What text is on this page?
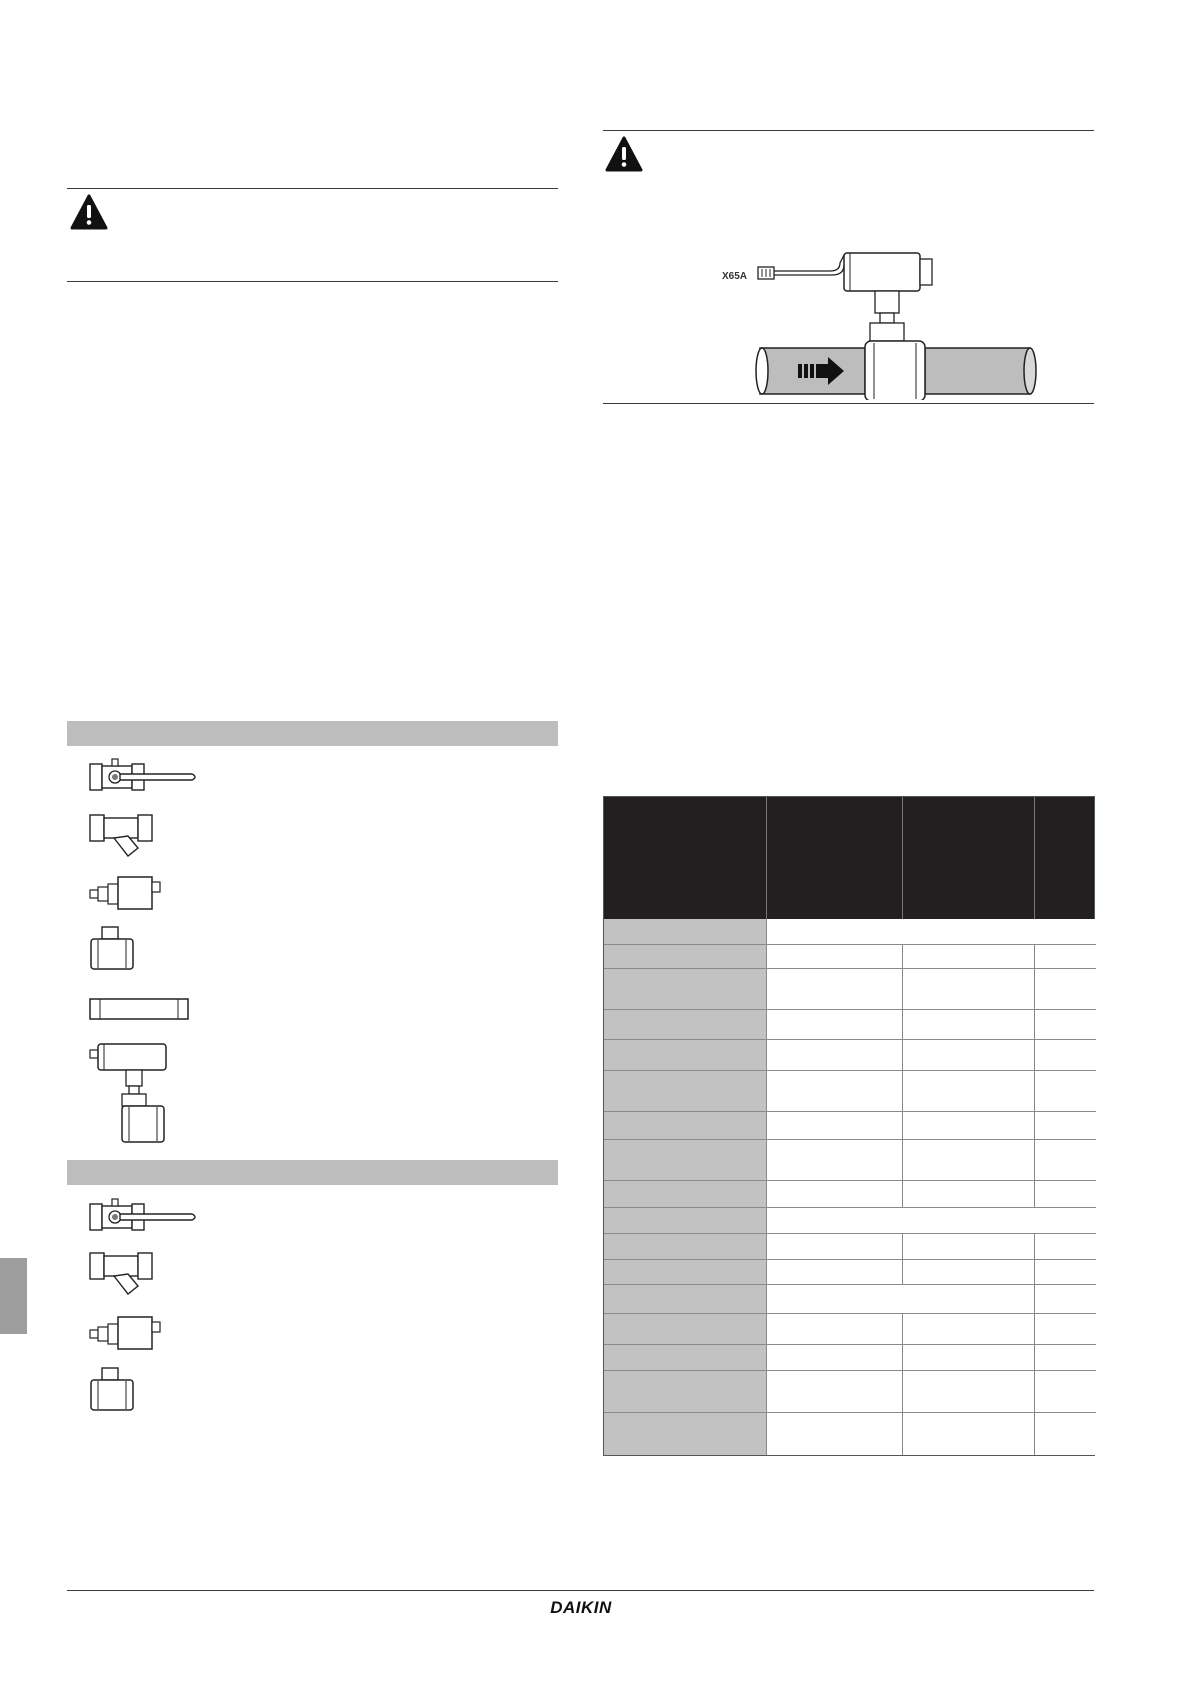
X65A
DAIKIN
